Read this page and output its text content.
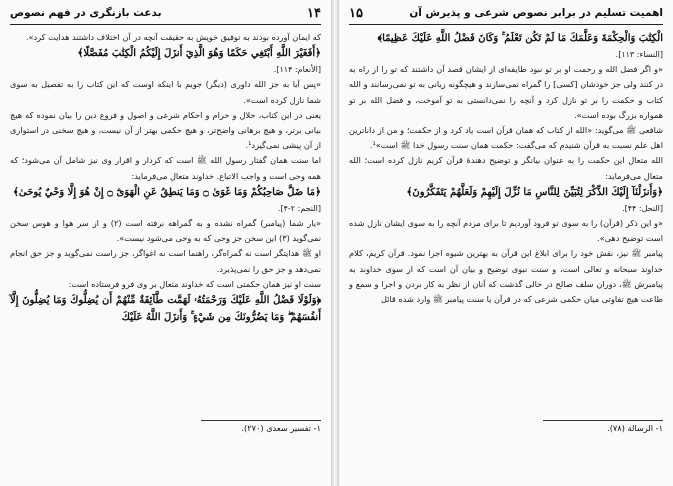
بدعت بازنگری در فهم نصوص	۱۴

که ایمان آورده بودند به توفیق خویش به حقیقت آنچه در آن اختلاف داشتند هدایت کرد».

﴿أَفَغَيْرَ اللَّهِ أَبْتَغِي حَكَمًا وَهُوَ الَّذِيٓ أَنزَلَ إِلَيْكُمُ الْكِتَٰبَ مُفَصَّلًا﴾

[الأنعام: ۱۱۴].

«پس آیا به جز الله داوری (دیگر) جویم با اینکه اوست که این کتاب را به تفصیل به سوی شما نازل کرده است».

یعنی در این کتاب، حلال و حرام و احکام شرعی و اصول و فروع دین را بیان نموده که هیچ بیانی برتر، و هیچ برهانی واضح‌تر، و هیچ حکمی بهتر از آن نیست، و هیچ سخنی در استواری از آن پیشی نمی‌گیرد¹.

اما سنت همان گفتار رسول الله ﷺ است که کردار و اقرار وی نیز شامل آن می‌شود؛ که همه وحی است و واجب الاتباع. خداوند متعال می‌فرماید:

﴿مَا ضَلَّ صَاحِبُكُمْ وَمَا غَوَىٰ ۝ وَمَا يَنطِقُ عَنِ الْهَوَىٰٓ ۝ إِنْ هُوَ إِلَّا وَحْيٌ يُوحَىٰ﴾

[النجم: ۲-۴].

«یار شما (پیامبر) گمراه نشده و به گمراهه نرفته است (۲) و از سر هوا و هوس سخن نمی‌گوید (۳) این سخن جز وحی که به وحی می‌شود نیست».

او ﷺ هدایتگر است نه گمراه‌گر، راهنما است نه اغواگر، جز راست نمی‌گوید و جز حق انجام نمی‌دهد و جز حق را نمی‌پذیرد.

سنت او نیز همان حکمتی است که خداوند متعال بر وی فرو فرستاده است:

﴿وَلَوْلَا فَضْلُ اللَّهِ عَلَيْكَ وَرَحْمَتُهُۥ لَهَمَّت طَّآئِفَةٌ مِّنْهُمْ أَن يُضِلُّوكَ وَمَا يُضِلُّونَ إِلَّآ أَنفُسَهُمْ ۖ وَمَا يَضُرُّونَكَ مِن شَيْءٍ ۚ وَأَنزَلَ اللَّهُ عَلَيْكَ

۱- تفسیر سعدی (۲۷۰).
اهمیت تسلیم در برابر نصوص شرعی و پذیرش آن
۱۵

الْكِتَٰبَ وَالْحِكْمَةَ وَعَلَّمَكَ مَا لَمْ تَكُن تَعْلَمُ ۚ وَكَانَ فَضْلُ اللَّهِ عَلَيْكَ عَظِيمًا﴾

[النساء: ۱۱۳].

«و اگر فضل الله و رحمت او بر تو نبود طایفه‌ای از ایشان قصد آن داشتند که تو را از راه به در کنند ولی جز خودشان [کسی] را گمراه نمی‌سازند و هیچگونه زیانی به تو نمی‌رسانند و الله کتاب و حکمت را بر تو نازل کرد و آنچه را نمی‌دانستی به تو آموخت، و فضل الله بر تو همواره بزرگ بوده است».

شافعی ﷺ می‌گوید: «الله از کتاب که همان قرآن است یاد کرد و از حکمت؛ و من از داناترین اهل علم نسبت به قرآن شنیدم که می‌گفت: حکمت همان سنت رسول خدا ﷺ است»¹.

الله متعال این حکمت را به عنوان بیانگر و توضیح دهندهٔ قرآن کریم نازل کرده است؛ الله متعال می‌فرماید:

﴿وَأَنزَلْنَآ إِلَيْكَ الذِّكْرَ لِتُبَيِّنَ لِلنَّاسِ مَا نُزِّلَ إِلَيْهِمْ وَلَعَلَّهُمْ يَتَفَكَّرُونَ﴾

[النحل: ۴۴].

«و این ذکر (قرآن) را به سوی تو فرود آوردیم تا برای مردم آنچه را به سوی ایشان نازل شده است توضیح دهی».

پیامبر ﷺ نیز، نقش خود را برای ابلاغ این قرآن به بهترین شیوه اجرا نمود. قرآن کریم، کلام خداوند سبحانه و تعالی است، و سنت نبوی توضیح و بیان آن است که از سوی خداوند به پیامبرش ﷺ، دوران سلف صالح در حالی گذشت که آنان از نظر به کار بردن و اجرا و سمع و طاعت هیچ تفاوتی میان حکمی شرعی که در قرآن یا سنت پیامبر ﷺ وارد شده قائل

۱- الرسالة (۷۸).
